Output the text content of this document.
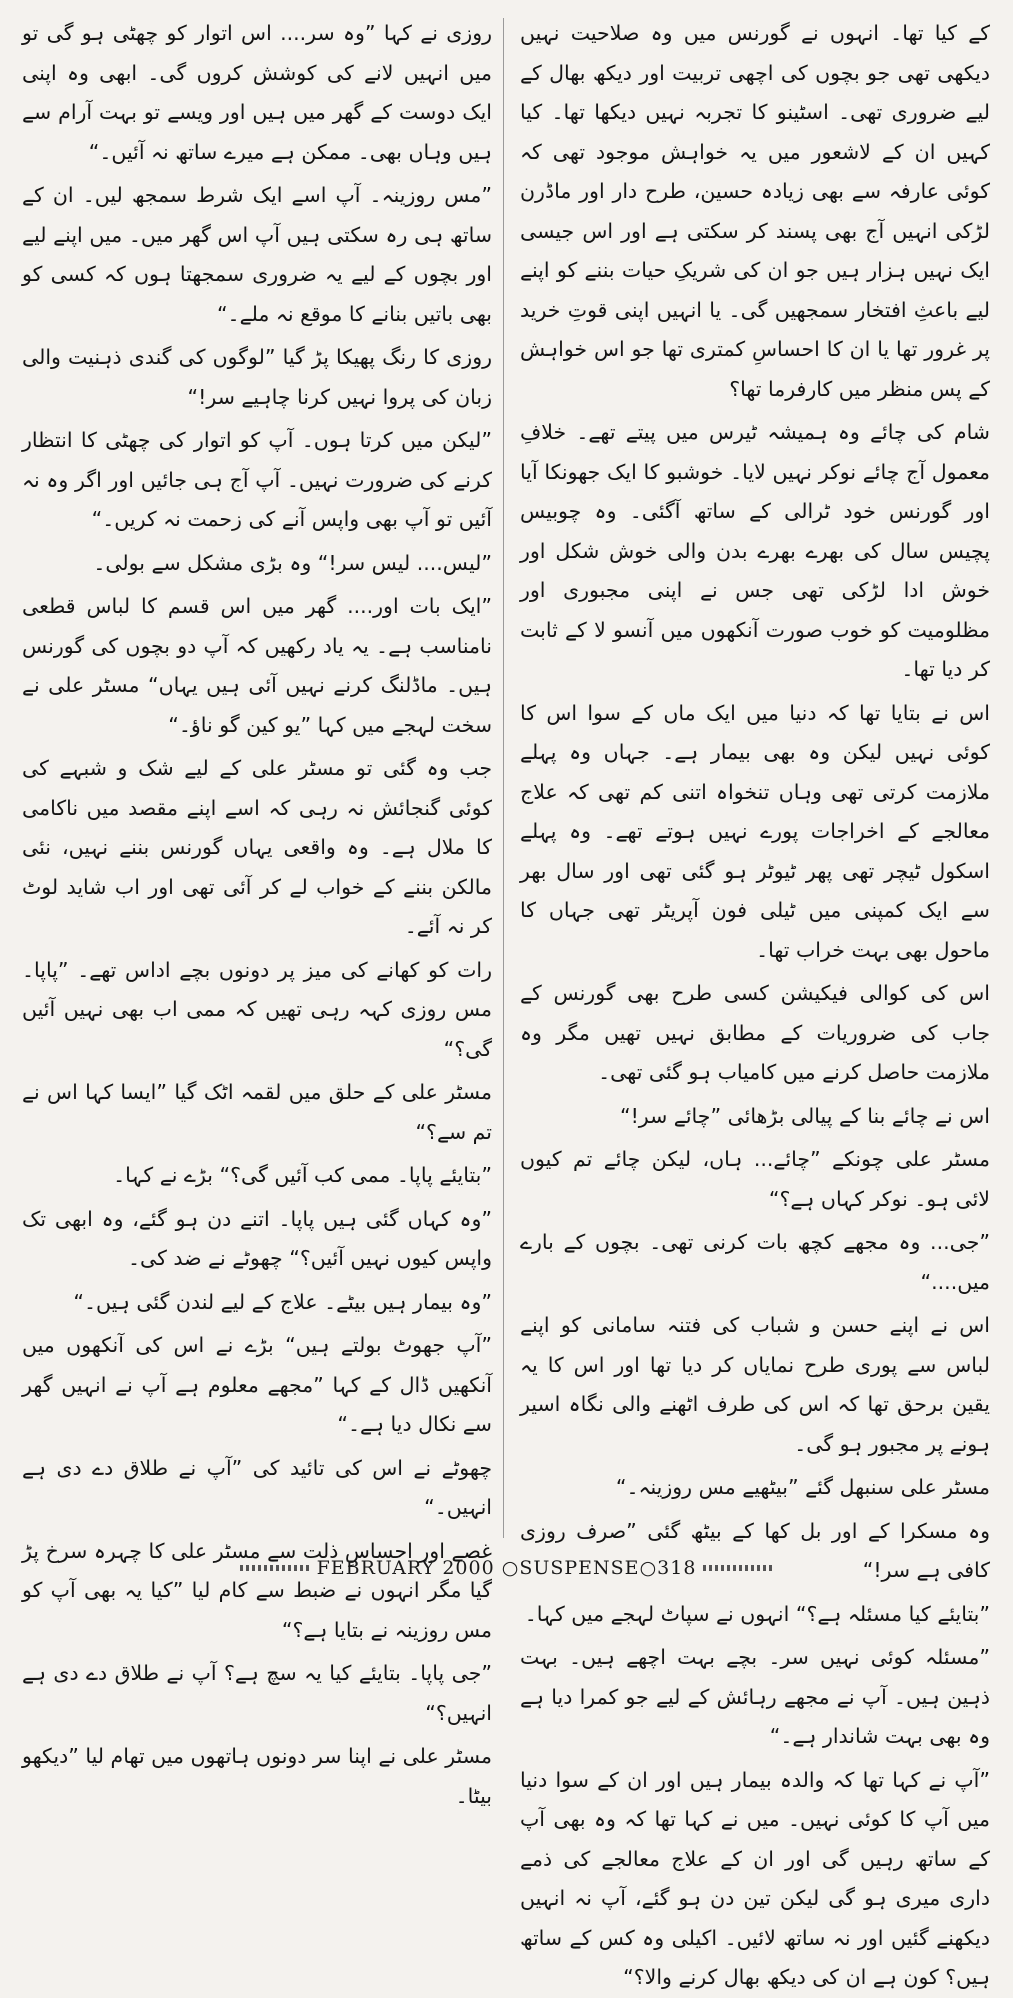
کے کیا تھا۔ انہوں نے گورنس میں وہ صلاحیت نہیں دیکھی تھی جو بچوں کی اچھی تربیت اور دیکھ بھال کے لیے ضروری تھی۔ اسٹینو کا تجربہ نہیں دیکھا تھا۔ کیا کہیں ان کے لاشعور میں یہ خواہش موجود تھی کہ کوئی عارفہ سے بھی زیادہ حسین، طرح دار اور ماڈرن لڑکی انہیں آج بھی پسند کر سکتی ہے اور اس جیسی ایک نہیں ہزار ہیں جو ان کی شریکِ حیات بننے کو اپنے لیے باعثِ افتخار سمجھیں گی۔ یا انہیں اپنی قوتِ خرید پر غرور تھا یا ان کا احساسِ کمتری تھا جو اس خواہش کے پس منظر میں کارفرما تھا؟

شام کی چائے وہ ہمیشہ ٹیرس میں پیتے تھے۔ خلافِ معمول آج چائے نوکر نہیں لایا۔ خوشبو کا ایک جھونکا آیا اور گورنس خود ٹرالی کے ساتھ آگئی۔ وہ چوبیس پچیس سال کی بھرے بھرے بدن والی خوش شکل اور خوش ادا لڑکی تھی جس نے اپنی مجبوری اور مظلومیت کو خوب صورت آنکھوں میں آنسو لا کے ثابت کر دیا تھا۔

اس نے بتایا تھا کہ دنیا میں ایک ماں کے سوا اس کا کوئی نہیں لیکن وہ بھی بیمار ہے۔ جہاں وہ پہلے ملازمت کرتی تھی وہاں تنخواہ اتنی کم تھی کہ علاج معالجے کے اخراجات پورے نہیں ہوتے تھے۔ وہ پہلے اسکول ٹیچر تھی پھر ٹیوٹر ہو گئی تھی اور سال بھر سے ایک کمپنی میں ٹیلی فون آپریٹر تھی جہاں کا ماحول بھی بہت خراب تھا۔

اس کی کوالی فیکیشن کسی طرح بھی گورنس کے جاب کی ضروریات کے مطابق نہیں تھیں مگر وہ ملازمت حاصل کرنے میں کامیاب ہو گئی تھی۔

اس نے چائے بنا کے پیالی بڑھائی ”چائے سر!“

مسٹر علی چونکے ”چائے... ہاں، لیکن چائے تم کیوں لائی ہو۔ نوکر کہاں ہے؟“

”جی... وہ مجھے کچھ بات کرنی تھی۔ بچوں کے بارے میں....“

اس نے اپنے حسن و شباب کی فتنہ سامانی کو اپنے لباس سے پوری طرح نمایاں کر دیا تھا اور اس کا یہ یقین برحق تھا کہ اس کی طرف اٹھنے والی نگاہ اسیر ہونے پر مجبور ہو گی۔

مسٹر علی سنبھل گئے ”بیٹھیے مس روزینہ۔“

وہ مسکرا کے اور بل کھا کے بیٹھ گئی ”صرف روزی کافی ہے سر!“

”بتایئے کیا مسئلہ ہے؟“ انہوں نے سپاٹ لہجے میں کہا۔

”مسئلہ کوئی نہیں سر۔ بچے بہت اچھے ہیں۔ بہت ذہین ہیں۔ آپ نے مجھے رہائش کے لیے جو کمرا دیا ہے وہ بھی بہت شاندار ہے۔“

”آپ نے کہا تھا کہ والدہ بیمار ہیں اور ان کے سوا دنیا میں آپ کا کوئی نہیں۔ میں نے کہا تھا کہ وہ بھی آپ کے ساتھ رہیں گی اور ان کے علاج معالجے کی ذمے داری میری ہو گی لیکن تین دن ہو گئے، آپ نہ انہیں دیکھنے گئیں اور نہ ساتھ لائیں۔ اکیلی وہ کس کے ساتھ ہیں؟ کون ہے ان کی دیکھ بھال کرنے والا؟“

روزی نے کہا ”وہ سر.... اس اتوار کو چھٹی ہو گی تو میں انہیں لانے کی کوشش کروں گی۔ ابھی وہ اپنی ایک دوست کے گھر میں ہیں اور ویسے تو بہت آرام سے ہیں وہاں بھی۔ ممکن ہے میرے ساتھ نہ آئیں۔“

”مس روزینہ۔ آپ اسے ایک شرط سمجھ لیں۔ ان کے ساتھ ہی رہ سکتی ہیں آپ اس گھر میں۔ میں اپنے لیے اور بچوں کے لیے یہ ضروری سمجھتا ہوں کہ کسی کو بھی باتیں بنانے کا موقع نہ ملے۔“

روزی کا رنگ پھیکا پڑ گیا ”لوگوں کی گندی ذہنیت والی زبان کی پروا نہیں کرنا چاہیے سر!“

”لیکن میں کرتا ہوں۔ آپ کو اتوار کی چھٹی کا انتظار کرنے کی ضرورت نہیں۔ آپ آج ہی جائیں اور اگر وہ نہ آئیں تو آپ بھی واپس آنے کی زحمت نہ کریں۔“

”لیس.... لیس سر!“ وہ بڑی مشکل سے بولی۔

”ایک بات اور.... گھر میں اس قسم کا لباس قطعی نامناسب ہے۔ یہ یاد رکھیں کہ آپ دو بچوں کی گورنس ہیں۔ ماڈلنگ کرنے نہیں آئی ہیں یہاں“ مسٹر علی نے سخت لہجے میں کہا ”یو کین گو ناؤ۔“

جب وہ گئی تو مسٹر علی کے لیے شک و شبہے کی کوئی گنجائش نہ رہی کہ اسے اپنے مقصد میں ناکامی کا ملال ہے۔ وہ واقعی یہاں گورنس بننے نہیں، نئی مالکن بننے کے خواب لے کر آئی تھی اور اب شاید لوٹ کر نہ آئے۔

رات کو کھانے کی میز پر دونوں بچے اداس تھے۔ ”پاپا۔ مس روزی کہہ رہی تھیں کہ ممی اب بھی نہیں آئیں گی؟“

مسٹر علی کے حلق میں لقمہ اٹک گیا ”ایسا کہا اس نے تم سے؟“

”بتایئے پاپا۔ ممی کب آئیں گی؟“ بڑے نے کہا۔

”وہ کہاں گئی ہیں پاپا۔ اتنے دن ہو گئے، وہ ابھی تک واپس کیوں نہیں آئیں؟“ چھوٹے نے ضد کی۔

”وہ بیمار ہیں بیٹے۔ علاج کے لیے لندن گئی ہیں۔“

”آپ جھوٹ بولتے ہیں“ بڑے نے اس کی آنکھوں میں آنکھیں ڈال کے کہا ”مجھے معلوم ہے آپ نے انہیں گھر سے نکال دیا ہے۔“

چھوٹے نے اس کی تائید کی ”آپ نے طلاق دے دی ہے انہیں۔“

غصے اور احساسِ ذلت سے مسٹر علی کا چہرہ سرخ پڑ گیا مگر انہوں نے ضبط سے کام لیا ”کیا یہ بھی آپ کو مس روزینہ نے بتایا ہے؟“

”جی پاپا۔ بتایئے کیا یہ سچ ہے؟ آپ نے طلاق دے دی ہے انہیں؟“

مسٹر علی نے اپنا سر دونوں ہاتھوں میں تھام لیا ”دیکھو بیٹا۔

FEBRUARY 2000 ○SUSPENSE○318
